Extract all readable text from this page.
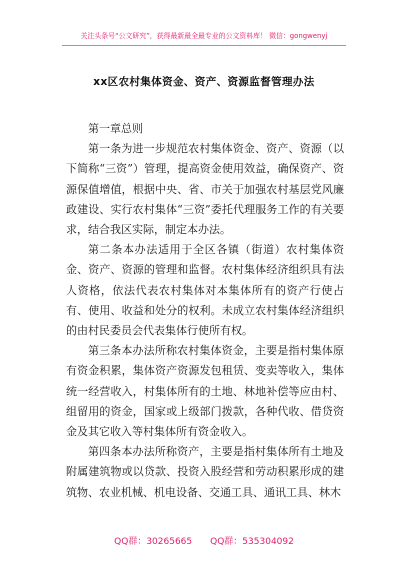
关注头条号“公文研究”，获得最新最全最专业的公文资料库！ 微信：gongwenyj
xx区农村集体资金、资产、资源监督管理办法

第一章总则

第一条为进一步规范农村集体资金、资产、资源（以下简称“三资”）管理，提高资金使用效益，确保资产、资源保值增值，根据中央、省、市关于加强农村基层党风廉政建设、实行农村集体“三资”委托代理服务工作的有关要求，结合我区实际，制定本办法。

第二条本办法适用于全区各镇（街道）农村集体资金、资产、资源的管理和监督。农村集体经济组织具有法人资格，依法代表农村集体对本集体所有的资产行使占有、使用、收益和处分的权利。未成立农村集体经济组织的由村民委员会代表集体行使所有权。

第三条本办法所称农村集体资金，主要是指村集体原有资金积累，集体资产资源发包租赁、变卖等收入，集体统一经营收入，村集体所有的土地、林地补偿等应由村、组留用的资金，国家或上级部门拨款，各种代收、借贷资金及其它收入等村集体所有资金收入。

第四条本办法所称资产，主要是指村集体所有土地及附属建筑物或以贷款、投资入股经营和劳动积累形成的建筑物、农业机械、机电设备、交通工具、通讯工具、林木

QQ群：30265665 QQ群：535304092
